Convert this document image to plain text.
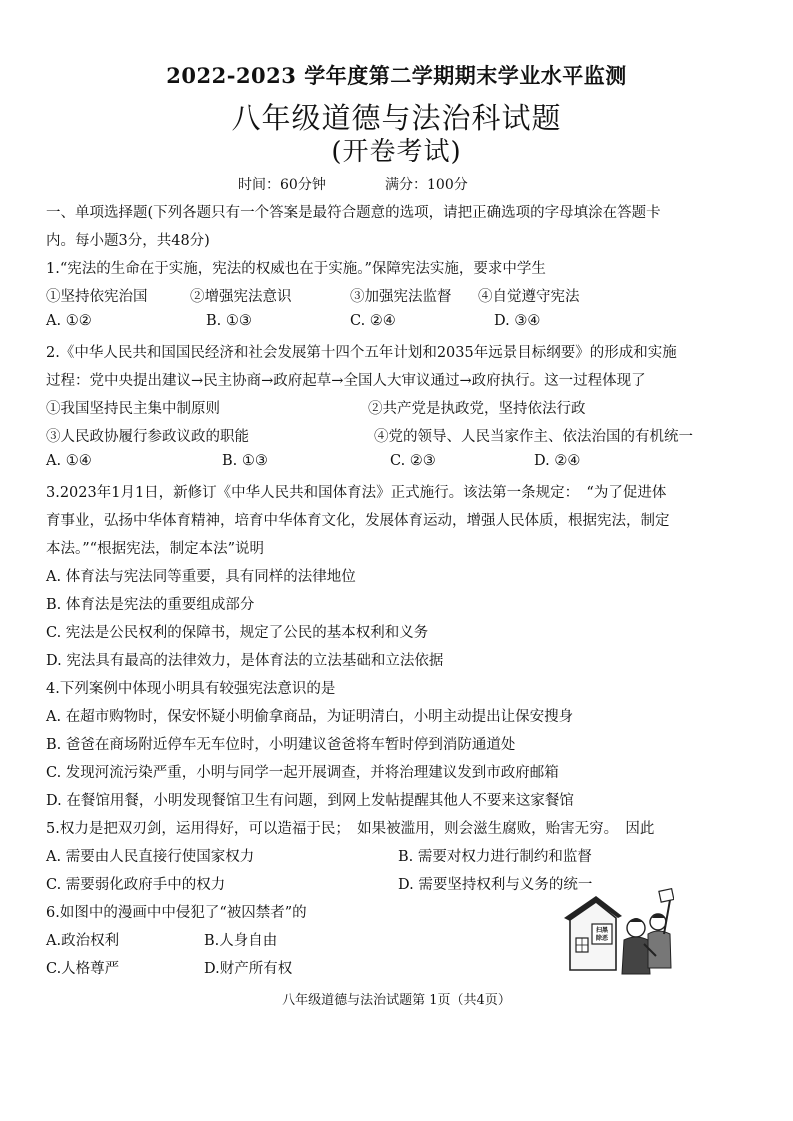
2022-2023 学年度第二学期期末学业水平监测
八年级道德与法治科试题
(开卷考试)
时间：60分钟	满分：100分
一、单项选择题(下列各题只有一个答案是最符合题意的选项，请把正确选项的字母填涂在答题卡
内。每小题3分，共48分)
1.“宪法的生命在于实施，宪法的权威也在于实施。”保障宪法实施，要求中学生
①坚持依宪治国	②增强宪法意识	③加强宪法监督 ④自觉遵守宪法
A. ①②	B. ①③	C. ②④	D. ③④
2.《中华人民共和国国民经济和社会发展第十四个五年计划和2035年远景目标纲要》的形成和实施
过程：党中央提出建议→民主协商→政府起草→全国人大审议通过→政府执行。这一过程体现了
①我国坚持民主集中制原则	②共产党是执政党，坚持依法行政
③人民政协履行参政议政的职能	④党的领导、人民当家作主、依法治国的有机统一
A. ①④	B. ①③	C. ②③	D. ②④
3.2023年1月1日，新修订《中华人民共和国体育法》正式施行。该法第一条规定：　“为了促进体
育事业，弘扬中华体育精神，培育中华体育文化，发展体育运动，增强人民体质，根据宪法，制定
本法。”“根据宪法，制定本法”说明
A. 体育法与宪法同等重要，具有同样的法律地位
B. 体育法是宪法的重要组成部分
C. 宪法是公民权利的保障书，规定了公民的基本权利和义务
D. 宪法具有最高的法律效力，是体育法的立法基础和立法依据
4.下列案例中体现小明具有较强宪法意识的是
A. 在超市购物时，保安怀疑小明偷拿商品，为证明清白，小明主动提出让保安搜身
B. 爸爸在商场附近停车无车位时，小明建议爸爸将车暂时停到消防通道处
C. 发现河流污染严重，小明与同学一起开展调查，并将治理建议发到市政府邮箱
D. 在餐馆用餐，小明发现餐馆卫生有问题，到网上发帖提醒其他人不要来这家餐馆
5.权力是把双刃剑，运用得好，可以造福于民；　如果被滥用，则会滋生腐败，贻害无穷。　因此
A. 需要由人民直接行使国家权力	B. 需要对权力进行制约和监督
C. 需要弱化政府手中的权力	D. 需要坚持权利与义务的统一
6.如图中的漫画中中侵犯了“被囚禁者”的
A.政治权利	B.人身自由
C.人格尊严	D.财产所有权
扫黑
除恶
八年级道德与法治试题第 1页（共4页）
